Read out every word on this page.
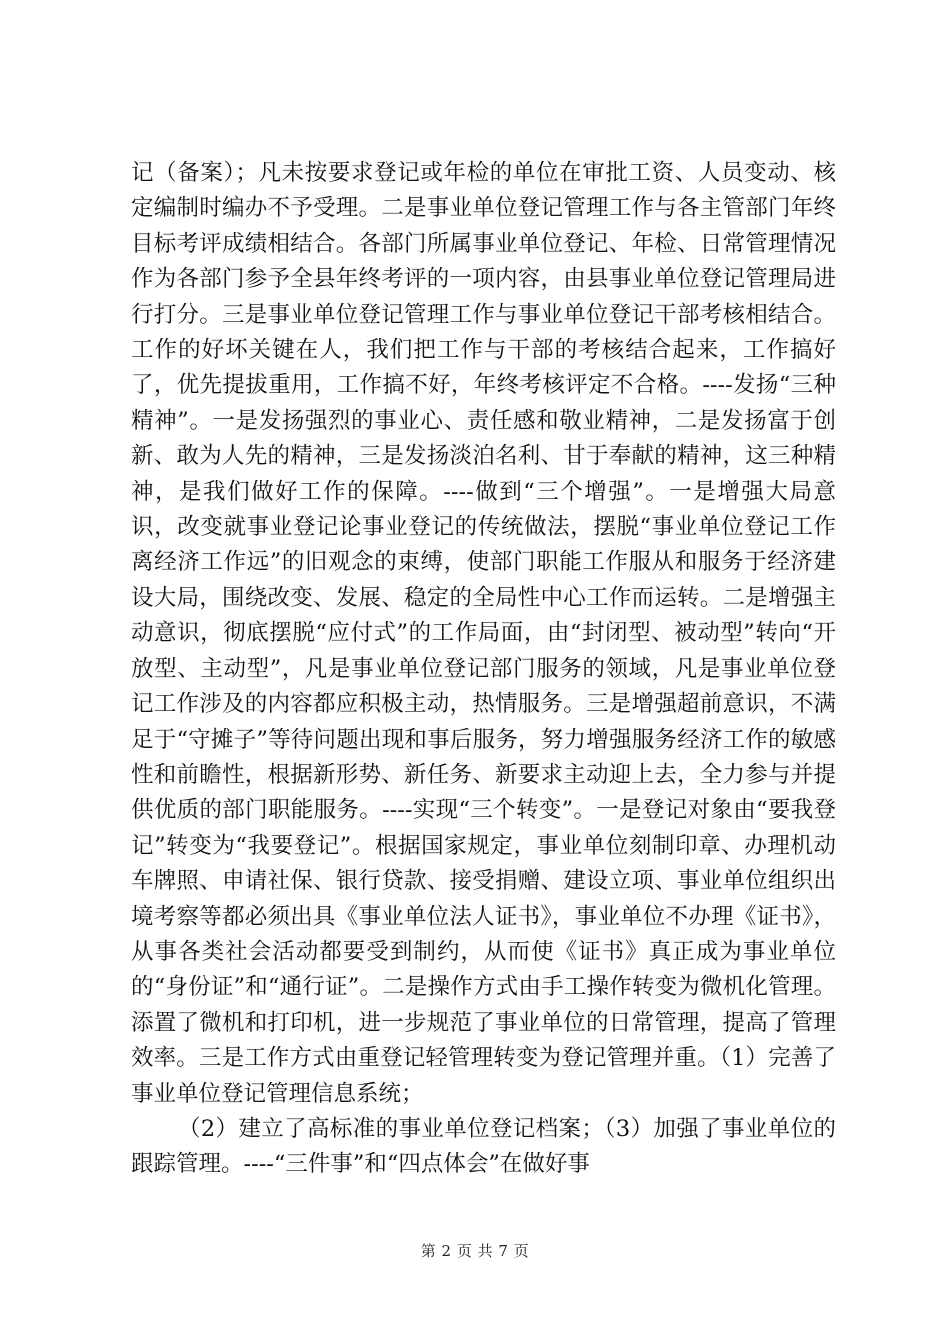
记（备案）；凡未按要求登记或年检的单位在审批工资、人员变动、核定编制时编办不予受理。二是事业单位登记管理工作与各主管部门年终目标考评成绩相结合。各部门所属事业单位登记、年检、日常管理情况作为各部门参予全县年终考评的一项内容，由县事业单位登记管理局进行打分。三是事业单位登记管理工作与事业单位登记干部考核相结合。工作的好坏关键在人，我们把工作与干部的考核结合起来，工作搞好了，优先提拔重用，工作搞不好，年终考核评定不合格。----发扬“三种精神”。一是发扬强烈的事业心、责任感和敬业精神，二是发扬富于创新、敢为人先的精神，三是发扬淡泊名利、甘于奉献的精神，这三种精神，是我们做好工作的保障。----做到“三个增强”。一是增强大局意识，改变就事业登记论事业登记的传统做法，摆脱“事业单位登记工作离经济工作远”的旧观念的束缚，使部门职能工作服从和服务于经济建设大局，围绕改变、发展、稳定的全局性中心工作而运转。二是增强主动意识，彻底摆脱“应付式”的工作局面，由“封闭型、被动型”转向“开放型、主动型”，凡是事业单位登记部门服务的领域，凡是事业单位登记工作涉及的内容都应积极主动，热情服务。三是增强超前意识，不满足于“守摊子”等待问题出现和事后服务，努力增强服务经济工作的敏感性和前瞻性，根据新形势、新任务、新要求主动迎上去，全力参与并提供优质的部门职能服务。----实现“三个转变”。一是登记对象由“要我登记”转变为“我要登记”。根据国家规定，事业单位刻制印章、办理机动车牌照、申请社保、银行贷款、接受捐赠、建设立项、事业单位组织出境考察等都必须出具《事业单位法人证书》，事业单位不办理《证书》，从事各类社会活动都要受到制约，从而使《证书》真正成为事业单位的“身份证”和“通行证”。二是操作方式由手工操作转变为微机化管理。添置了微机和打印机，进一步规范了事业单位的日常管理，提高了管理效率。三是工作方式由重登记轻管理转变为登记管理并重。（1）完善了事业单位登记管理信息系统；

（2）建立了高标准的事业单位登记档案；（3）加强了事业单位的跟踪管理。----“三件事”和“四点体会”在做好事

第 2 页 共 7 页
